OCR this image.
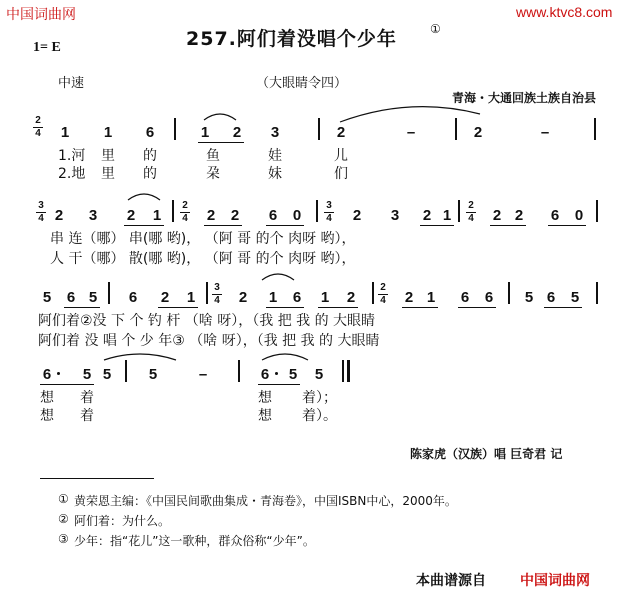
中国词曲网	www.ktvc8.com
257.阿们着没唱个少年	①
1= E
中速	（大眼睛令四）
青海・大通回族土族自治县
2
4 1 1 6	1 2 3	2	–	2	–
1.河 里 的	鱼	娃	儿
2.地 里 的	朶	妹	们
3
4 2 3 2 1
2
4 2 2 6 0
3
4 2 3 2 1
2
4 2 2 6 0
串 连（哪） 串(哪 哟)， （阿 哥 的个 肉呀 哟），
人 干（哪） 散(哪 哟)， （阿 哥 的个 肉呀 哟），
5 6 5 6 2 1
3
4 2 1 6 1 2
2
4 2 1 6 6 5 6 5
阿们着②没 下 个 钓 杆 （啥 呀），（我 把 我 的 大眼睛
阿们着 没 唱 个 少 年③ （啥 呀），（我 把 我 的 大眼睛
6 5 5	5	–	6 5 5
想 着	想 着）；
想 着	想 着）。
陈家虎（汉族）唱 巨奇君 记
① 黄荣恩主编：《中国民间歌曲集成・青海卷》，中国ISBN中心，2000年。
② 阿们着：为什么。
③ 少年：指“花儿”这一歌种，群众俗称“少年”。
本曲谱源自 中国词曲网
